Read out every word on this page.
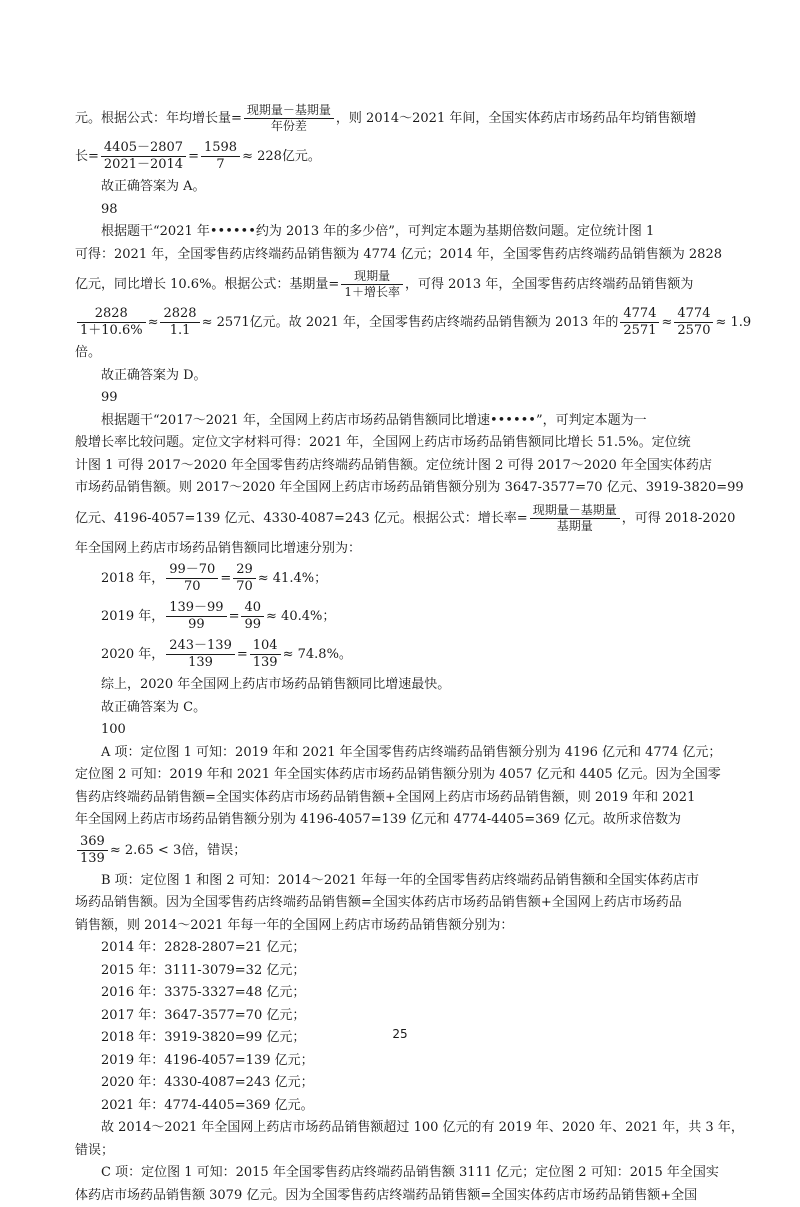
元。根据公式：年均增长量= $\frac{\text{现期量－基期量}}{\text{年份差}}$ ，则 2014～2021 年间，全国实体药店市场药品年均销售额增
长= $\frac{4405-2807}{2021-2014} = \frac{1598}{7} \approx 228$亿元。
故正确答案为 A。
98
根据题干“2021 年••••••约为 2013 年的多少倍”，可判定本题为基期倍数问题。定位统计图 1
可得：2021 年，全国零售药店终端药品销售额为 4774 亿元；2014 年，全国零售药店终端药品销售额为 2828
亿元，同比增长 10.6%。根据公式：基期量= $\frac{\text{现期量}}{\text{1＋增长率}}$ ，可得 2013 年，全国零售药店终端药品销售额为
$\frac{2828}{1+10.6\%} \approx \frac{2828}{1.1} \approx 2571$亿元。故 2021 年，全国零售药店终端药品销售额为 2013 年的 $\frac{4774}{2571} \approx \frac{4774}{2570} \approx 1.9$
倍。
故正确答案为 D。
99
根据题干“2017～2021 年，全国网上药店市场药品销售额同比增速••••••”，可判定本题为一
般增长率比较问题。定位文字材料可得：2021 年，全国网上药店市场药品销售额同比增长 51.5%。定位统
计图 1 可得 2017～2020 年全国零售药店终端药品销售额。定位统计图 2 可得 2017～2020 年全国实体药店
市场药品销售额。则 2017～2020 年全国网上药店市场药品销售额分别为 3647-3577=70 亿元、3919-3820=99
亿元、4196-4057=139 亿元、4330-4087=243 亿元。根据公式：增长率= $\frac{\text{现期量－基期量}}{\text{基期量}}$ ，可得 2018-2020
年全国网上药店市场药品销售额同比增速分别为：
2018 年， $\frac{99-70}{70} = \frac{29}{70} \approx 41.4\%$；
2019 年， $\frac{139-99}{99} = \frac{40}{99} \approx 40.4\%$；
2020 年， $\frac{243-139}{139} = \frac{104}{139} \approx 74.8\%$。
综上，2020 年全国网上药店市场药品销售额同比增速最快。
故正确答案为 C。
100
A 项：定位图 1 可知：2019 年和 2021 年全国零售药店终端药品销售额分别为 4196 亿元和 4774 亿元；
定位图 2 可知：2019 年和 2021 年全国实体药店市场药品销售额分别为 4057 亿元和 4405 亿元。因为全国零
售药店终端药品销售额=全国实体药店市场药品销售额+全国网上药店市场药品销售额，则 2019 年和 2021
年全国网上药店市场药品销售额分别为 4196-4057=139 亿元和 4774-4405=369 亿元。故所求倍数为
$\frac{369}{139} \approx 2.65 < 3$倍，错误；
B 项：定位图 1 和图 2 可知：2014～2021 年每一年的全国零售药店终端药品销售额和全国实体药店市
场药品销售额。因为全国零售药店终端药品销售额=全国实体药店市场药品销售额+全国网上药店市场药品
销售额，则 2014～2021 年每一年的全国网上药店市场药品销售额分别为：
2014 年：2828-2807=21 亿元；
2015 年：3111-3079=32 亿元；
2016 年：3375-3327=48 亿元；
2017 年：3647-3577=70 亿元；
2018 年：3919-3820=99 亿元；
2019 年：4196-4057=139 亿元；
2020 年：4330-4087=243 亿元；
2021 年：4774-4405=369 亿元。
故 2014～2021 年全国网上药店市场药品销售额超过 100 亿元的有 2019 年、2020 年、2021 年，共 3 年，
错误；
C 项：定位图 1 可知：2015 年全国零售药店终端药品销售额 3111 亿元；定位图 2 可知：2015 年全国实
体药店市场药品销售额 3079 亿元。因为全国零售药店终端药品销售额=全国实体药店市场药品销售额+全国
25
